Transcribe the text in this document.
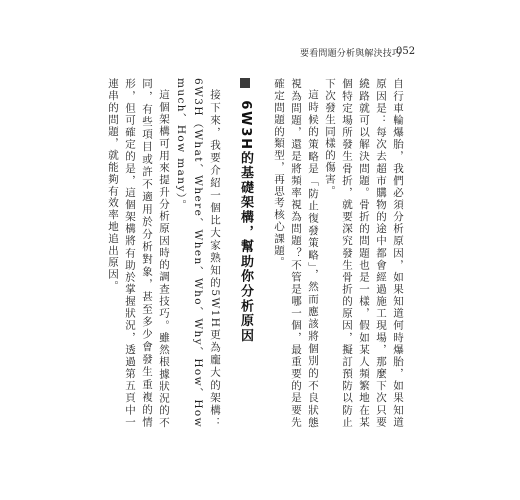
要看問題分析與解決技巧
052

自行車輪爆胎，我們必須分析原因，如果知道何時爆胎，如果知道原因是：每次去超市購物的途中都會經過施工現場，那麼下次只要繞路就可以解決問題。骨折的問題也是一樣，假如某人頻繁地在某個特定場所發生骨折，就要深究發生骨折的原因，擬訂預防以防止下次發生同樣的傷害。

這時候的策略是「防止復發策略」，然而應該將個別的不良狀態視為問題，還是將頻率視為問題？不管是哪一個，最重要的是要先確定問題的類型，再思考核心課題。

6W3H的基礎架構，幫助你分析原因

接下來，我要介紹一個比大家熟知的5W1H更為龐大的架構：6W3H（What、Where、When、Who、Why、How、How much、How many）。

這個架構可用來提升分析原因時的調查技巧。雖然根據狀況的不同，有些項目或許不適用於分析對象，甚至多少會發生重複的情形，但可確定的是，這個架構將有助於掌握狀況，透過第五頁中一連串的問題，就能夠有效率地追出原因。
